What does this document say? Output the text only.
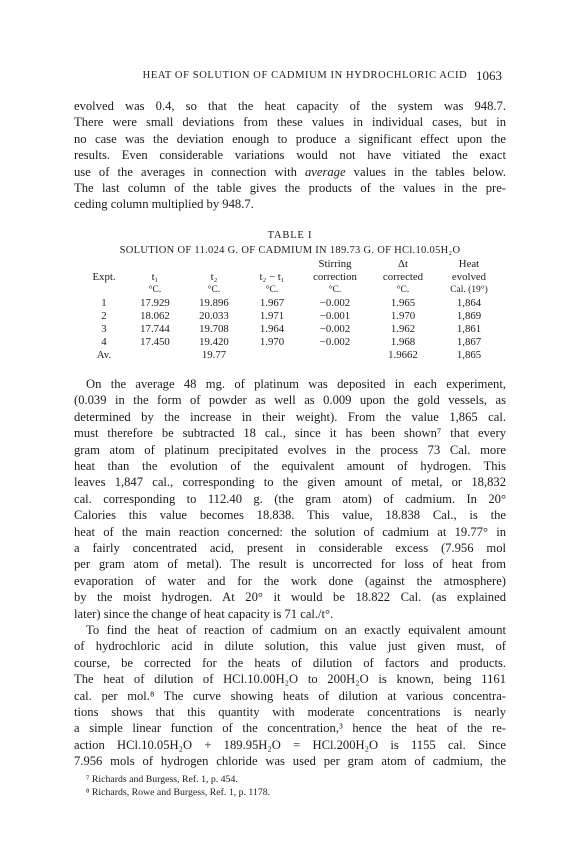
HEAT OF SOLUTION OF CADMIUM IN HYDROCHLORIC ACID 1063

evolved was 0.4, so that the heat capacity of the system was 948.7.
There were small deviations from these values in individual cases, but in
no case was the deviation enough to produce a significant effect upon the
results. Even considerable variations would not have vitiated the exact
use of the averages in connection with average values in the tables below.
The last column of the table gives the products of the values in the pre-
ceding column multiplied by 948.7.

TABLE I
SOLUTION OF 11.024 G. OF CADMIUM IN 189.73 G. OF HCl.10.05H₂O
				Stirring	Δt	Heat
Expt.	t₁	t₂	t₂ − t₁	correction	corrected	evolved
	°C.	°C.	°C.	°C.	°C.	Cal. (19°)
1	17.929	19.896	1.967	−0.002	1.965	1,864
2	18.062	20.033	1.971	−0.001	1.970	1,869
3	17.744	19.708	1.964	−0.002	1.962	1,861
4	17.450	19.420	1.970	−0.002	1.968	1,867
Av.		19.77			1.9662	1,865

On the average 48 mg. of platinum was deposited in each experiment,
(0.039 in the form of powder as well as 0.009 upon the gold vessels, as
determined by the increase in their weight). From the value 1,865 cal.
must therefore be subtracted 18 cal., since it has been shown⁷ that every
gram atom of platinum precipitated evolves in the process 73 Cal. more
heat than the evolution of the equivalent amount of hydrogen. This
leaves 1,847 cal., corresponding to the given amount of metal, or 18,832
cal. corresponding to 112.40 g. (the gram atom) of cadmium. In 20°
Calories this value becomes 18.838. This value, 18.838 Cal., is the
heat of the main reaction concerned: the solution of cadmium at 19.77° in
a fairly concentrated acid, present in considerable excess (7.956 mol
per gram atom of metal). The result is uncorrected for loss of heat from
evaporation of water and for the work done (against the atmosphere)
by the moist hydrogen. At 20° it would be 18.822 Cal. (as explained
later) since the change of heat capacity is 71 cal./t°.

To find the heat of reaction of cadmium on an exactly equivalent amount
of hydrochloric acid in dilute solution, this value just given must, of
course, be corrected for the heats of dilution of factors and products.
The heat of dilution of HCl.10.00H₂O to 200H₂O is known, being 1161
cal. per mol.⁸ The curve showing heats of dilution at various concentra-
tions shows that this quantity with moderate concentrations is nearly
a simple linear function of the concentration,³ hence the heat of the re-
action HCl.10.05H₂O + 189.95H₂O = HCl.200H₂O is 1155 cal. Since
7.956 mols of hydrogen chloride was used per gram atom of cadmium, the

⁷ Richards and Burgess, Ref. 1, p. 454.
⁸ Richards, Rowe and Burgess, Ref. 1, p. 1178.
